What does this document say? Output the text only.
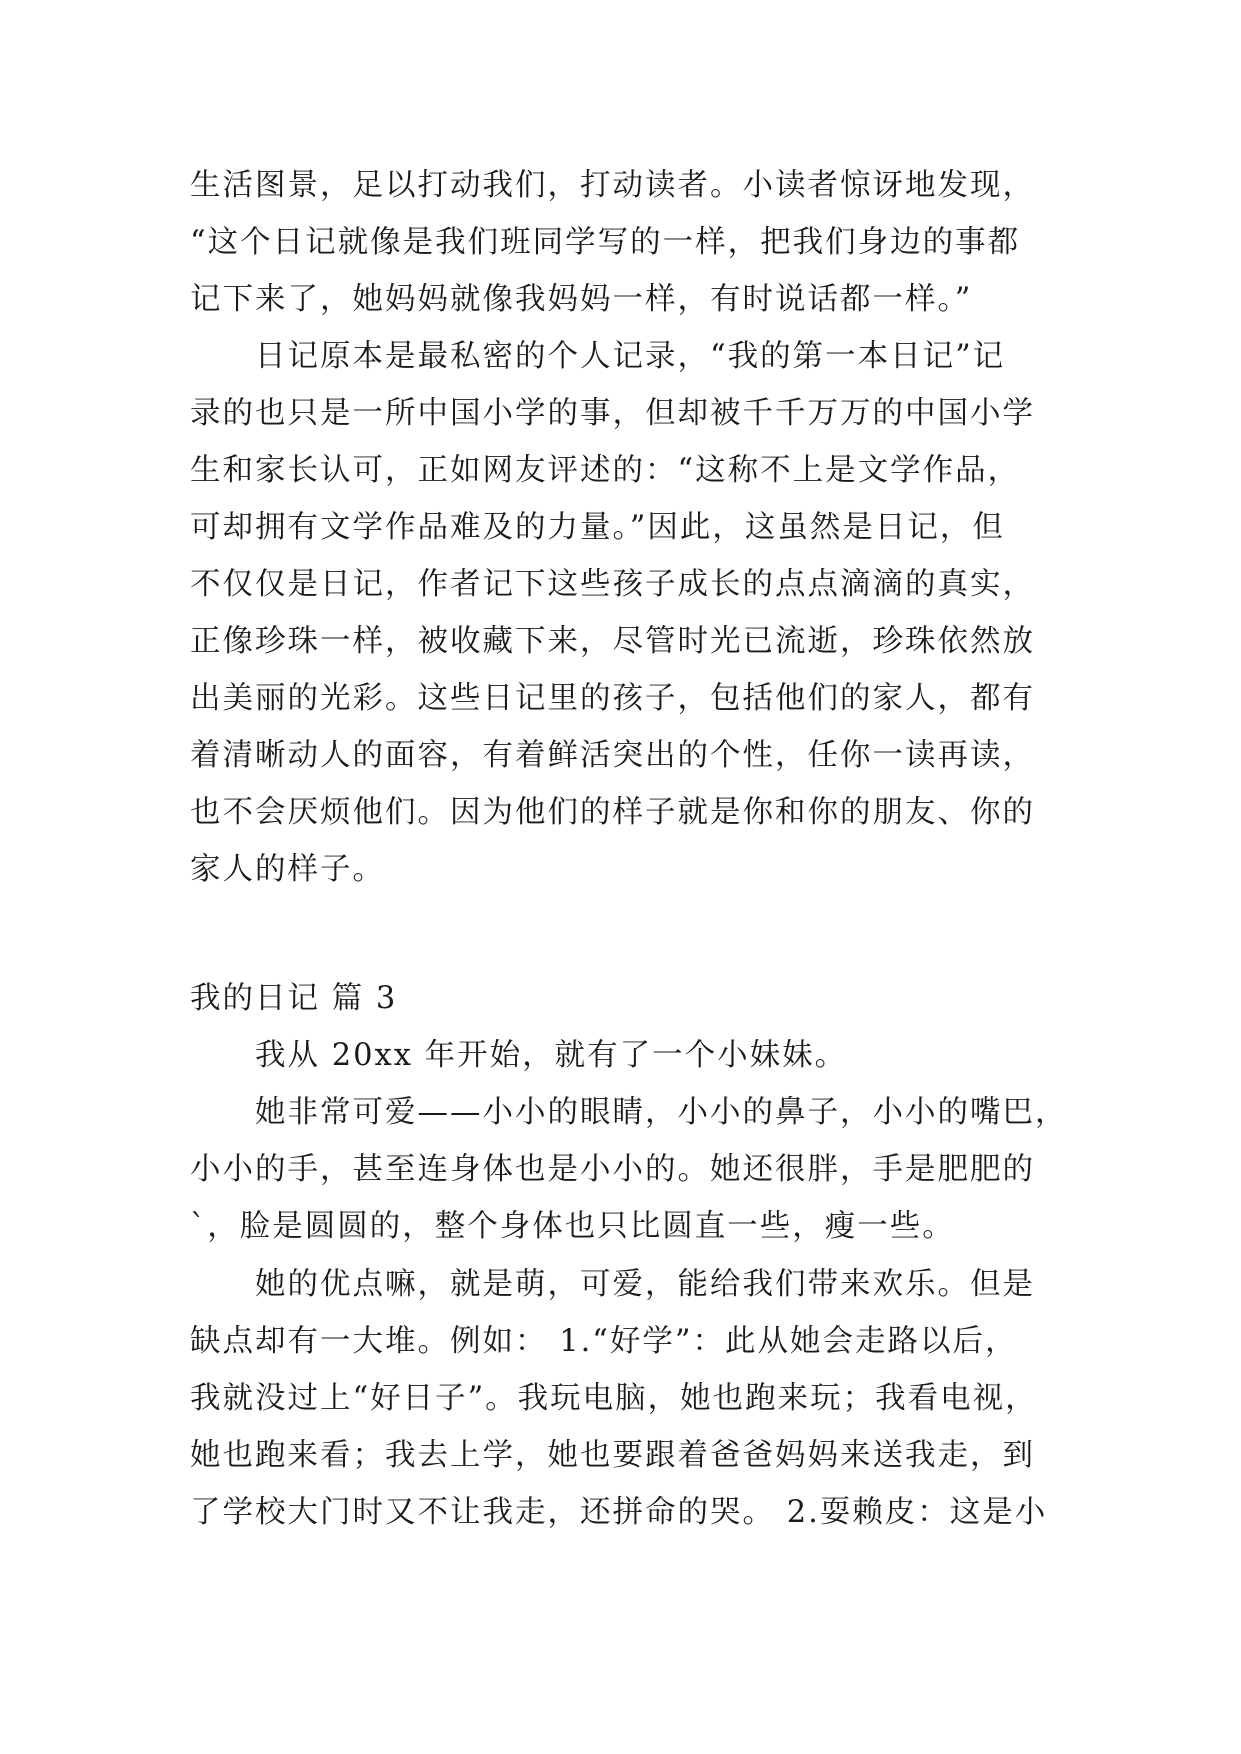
生活图景，足以打动我们，打动读者。小读者惊讶地发现，
“这个日记就像是我们班同学写的一样，把我们身边的事都
记下来了，她妈妈就像我妈妈一样，有时说话都一样。”
日记原本是最私密的个人记录，“我的第一本日记”记
录的也只是一所中国小学的事，但却被千千万万的中国小学
生和家长认可，正如网友评述的：“这称不上是文学作品，
可却拥有文学作品难及的力量。”因此，这虽然是日记，但
不仅仅是日记，作者记下这些孩子成长的点点滴滴的真实，
正像珍珠一样，被收藏下来，尽管时光已流逝，珍珠依然放
出美丽的光彩。这些日记里的孩子，包括他们的家人，都有
着清晰动人的面容，有着鲜活突出的个性，任你一读再读，
也不会厌烦他们。因为他们的样子就是你和你的朋友、你的
家人的样子。
我的日记 篇 3
我从 20xx 年开始，就有了一个小妹妹。
她非常可爱——小小的眼睛，小小的鼻子，小小的嘴巴，
小小的手，甚至连身体也是小小的。她还很胖，手是肥肥的
`，脸是圆圆的，整个身体也只比圆直一些，瘦一些。
她的优点嘛，就是萌，可爱，能给我们带来欢乐。但是
缺点却有一大堆。例如： 1.“好学”：此从她会走路以后，
我就没过上“好日子”。我玩电脑，她也跑来玩；我看电视，
她也跑来看；我去上学，她也要跟着爸爸妈妈来送我走，到
了学校大门时又不让我走，还拼命的哭。 2.耍赖皮：这是小
